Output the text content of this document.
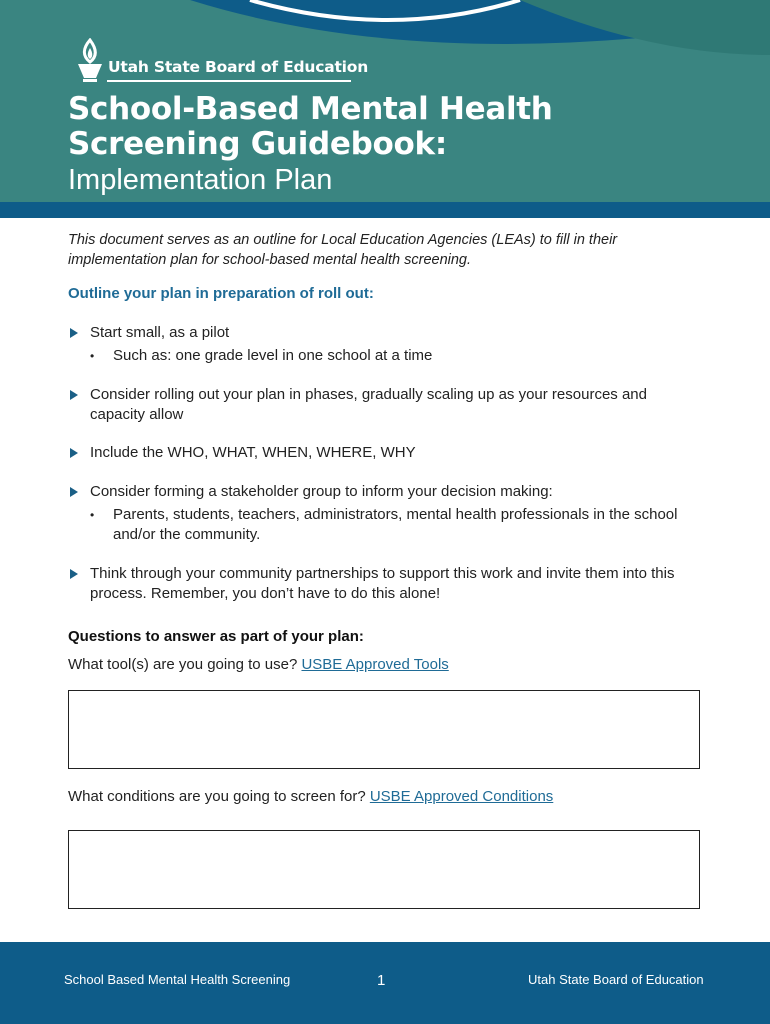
Utah State Board of Education
School-Based Mental Health
Screening Guidebook:
Implementation Plan

This document serves as an outline for Local Education Agencies (LEAs) to fill in their implementation plan for school-based mental health screening.

Outline your plan in preparation of roll out:
Start small, as a pilot
• Such as: one grade level in one school at a time
Consider rolling out your plan in phases, gradually scaling up as your resources and capacity allow
Include the WHO, WHAT, WHEN, WHERE, WHY
Consider forming a stakeholder group to inform your decision making:
• Parents, students, teachers, administrators, mental health professionals in the school and/or the community.
Think through your community partnerships to support this work and invite them into this process. Remember, you don’t have to do this alone!
Questions to answer as part of your plan:
What tool(s) are you going to use? USBE Approved Tools
What conditions are you going to screen for? USBE Approved Conditions
School Based Mental Health Screening	1	Utah State Board of Education
